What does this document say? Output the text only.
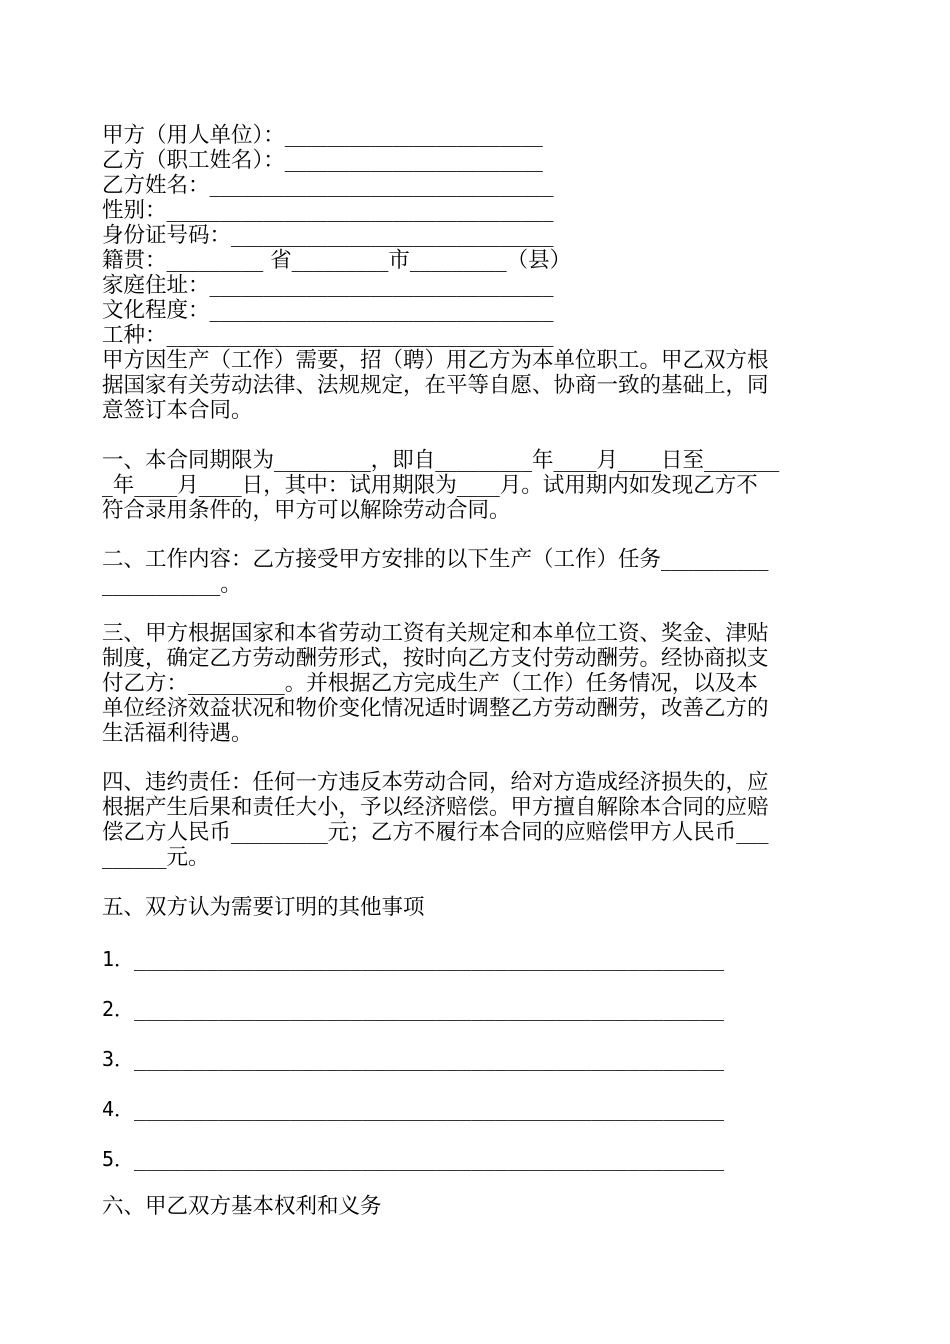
甲方（用人单位）：________________________
乙方（职工姓名）：________________________
乙方姓名：________________________________
性别：____________________________________
身份证号码：______________________________
籍贯：_________ 省_________市_________（县）
家庭住址：________________________________
文化程度：________________________________
工种：____________________________________
甲方因生产（工作）需要，招（聘）用乙方为本单位职工。甲乙双方根
据国家有关劳动法律、法规规定，在平等自愿、协商一致的基础上，同
意签订本合同。
一、本合同期限为_________，即自_________年____月____日至_______
_年____月____日，其中：试用期限为____月。试用期内如发现乙方不
符合录用条件的，甲方可以解除劳动合同。
二、工作内容：乙方接受甲方安排的以下生产（工作）任务__________
___________。
三、甲方根据国家和本省劳动工资有关规定和本单位工资、奖金、津贴
制度，确定乙方劳动酬劳形式，按时向乙方支付劳动酬劳。经协商拟支
付乙方：_________。并根据乙方完成生产（工作）任务情况，以及本
单位经济效益状况和物价变化情况适时调整乙方劳动酬劳，改善乙方的
生活福利待遇。
四、违约责任：任何一方违反本劳动合同，给对方造成经济损失的，应
根据产生后果和责任大小，予以经济赔偿。甲方擅自解除本合同的应赔
偿乙方人民币_________元；乙方不履行本合同的应赔偿甲方人民币___
______元。
五、双方认为需要订明的其他事项
1．_________________________________________________
2．_________________________________________________
3．_________________________________________________
4．_________________________________________________
5．_________________________________________________
六、甲乙双方基本权利和义务
